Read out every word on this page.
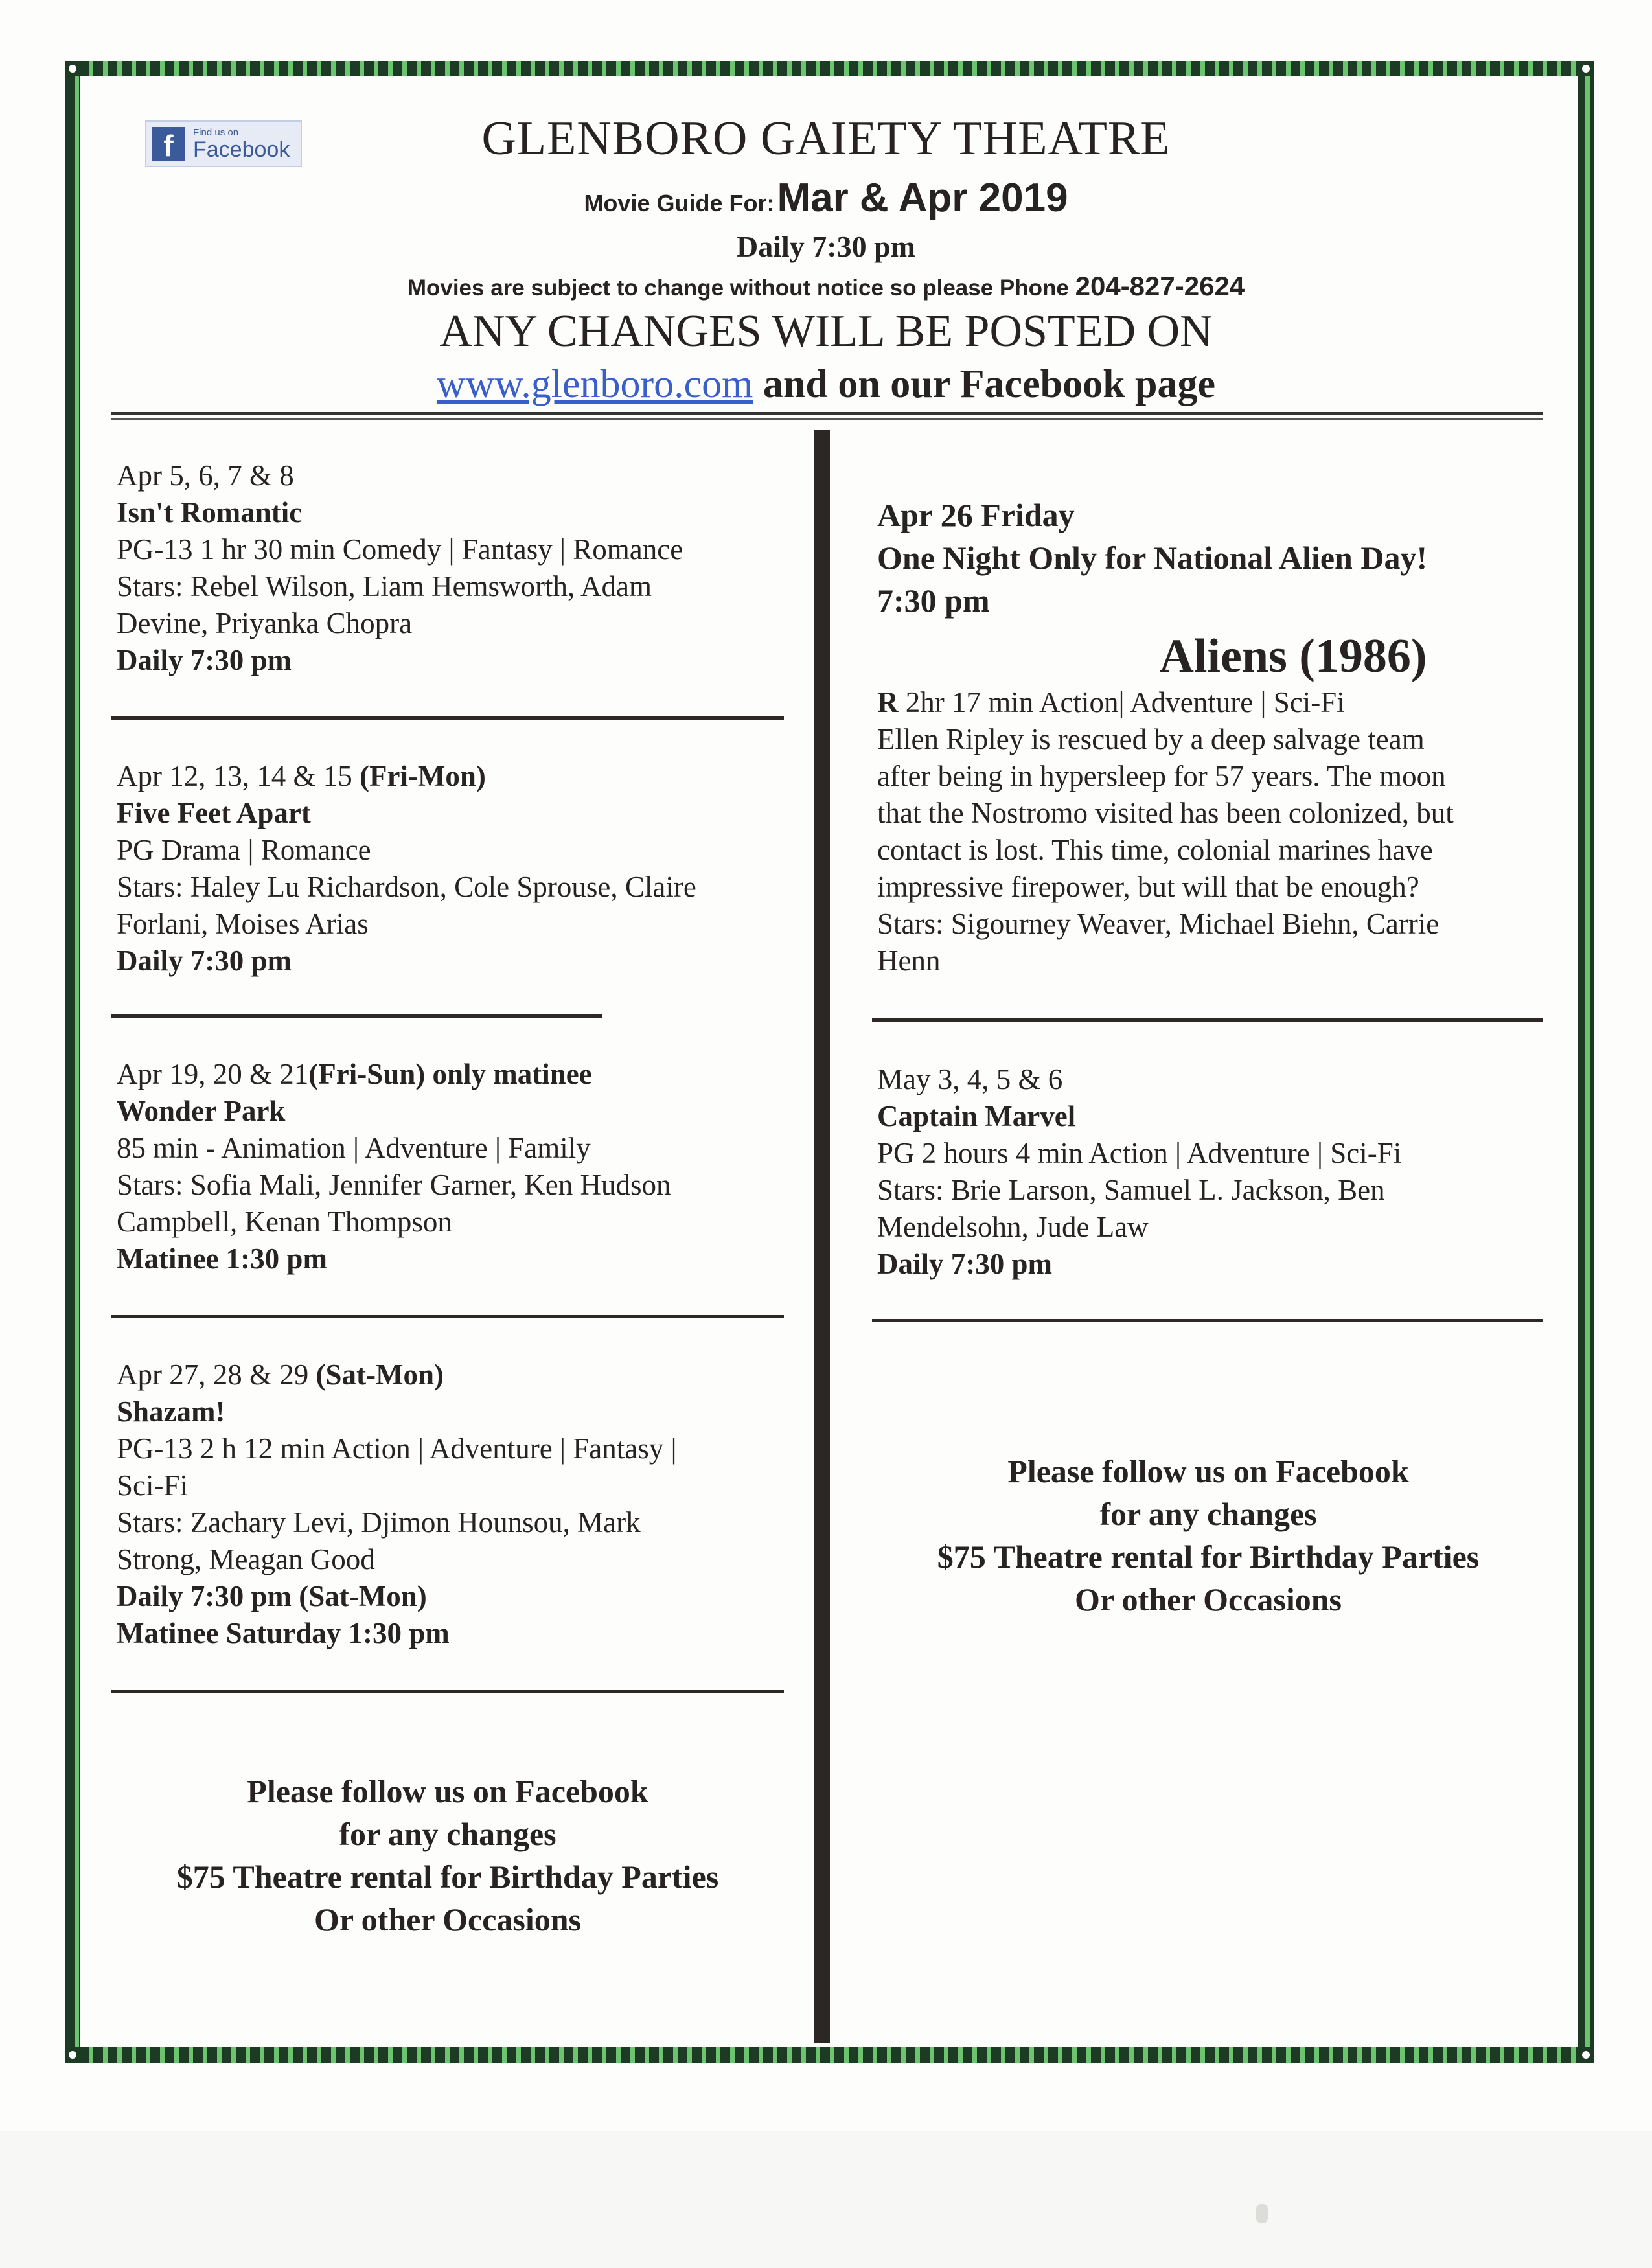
f	Find us on
Facebook	GLENBORO GAIETY THEATRE
Movie Guide For: Mar & Apr 2019
Daily 7:30 pm
Movies are subject to change without notice so please Phone 204-827-2624
ANY CHANGES WILL BE POSTED ON
www.glenboro.com and on our Facebook page
Apr 5, 6, 7 & 8
Isn't Romantic
PG-13 1 hr 30 min Comedy | Fantasy | Romance
Stars: Rebel Wilson, Liam Hemsworth, Adam
Devine, Priyanka Chopra
Daily 7:30 pm
Apr 12, 13, 14 & 15 (Fri-Mon)
Five Feet Apart
PG Drama | Romance
Stars: Haley Lu Richardson, Cole Sprouse, Claire
Forlani, Moises Arias
Daily 7:30 pm
Apr 19, 20 & 21(Fri-Sun) only matinee
Wonder Park
85 min - Animation | Adventure | Family
Stars: Sofia Mali, Jennifer Garner, Ken Hudson
Campbell, Kenan Thompson
Matinee 1:30 pm
Apr 27, 28 & 29 (Sat-Mon)
Shazam!
PG-13 2 h 12 min Action | Adventure | Fantasy |
Sci-Fi
Stars: Zachary Levi, Djimon Hounsou, Mark
Strong, Meagan Good
Daily 7:30 pm (Sat-Mon)
Matinee Saturday 1:30 pm
Please follow us on Facebook
for any changes
$75 Theatre rental for Birthday Parties
Or other Occasions
Apr 26 Friday
One Night Only for National Alien Day!
7:30 pm
Aliens (1986)
R 2hr 17 min Action| Adventure | Sci-Fi
Ellen Ripley is rescued by a deep salvage team
after being in hypersleep for 57 years. The moon
that the Nostromo visited has been colonized, but
contact is lost. This time, colonial marines have
impressive firepower, but will that be enough?
Stars: Sigourney Weaver, Michael Biehn, Carrie
Henn
May 3, 4, 5 & 6
Captain Marvel
PG 2 hours 4 min Action | Adventure | Sci-Fi
Stars: Brie Larson, Samuel L. Jackson, Ben
Mendelsohn, Jude Law
Daily 7:30 pm
Please follow us on Facebook
for any changes
$75 Theatre rental for Birthday Parties
Or other Occasions
